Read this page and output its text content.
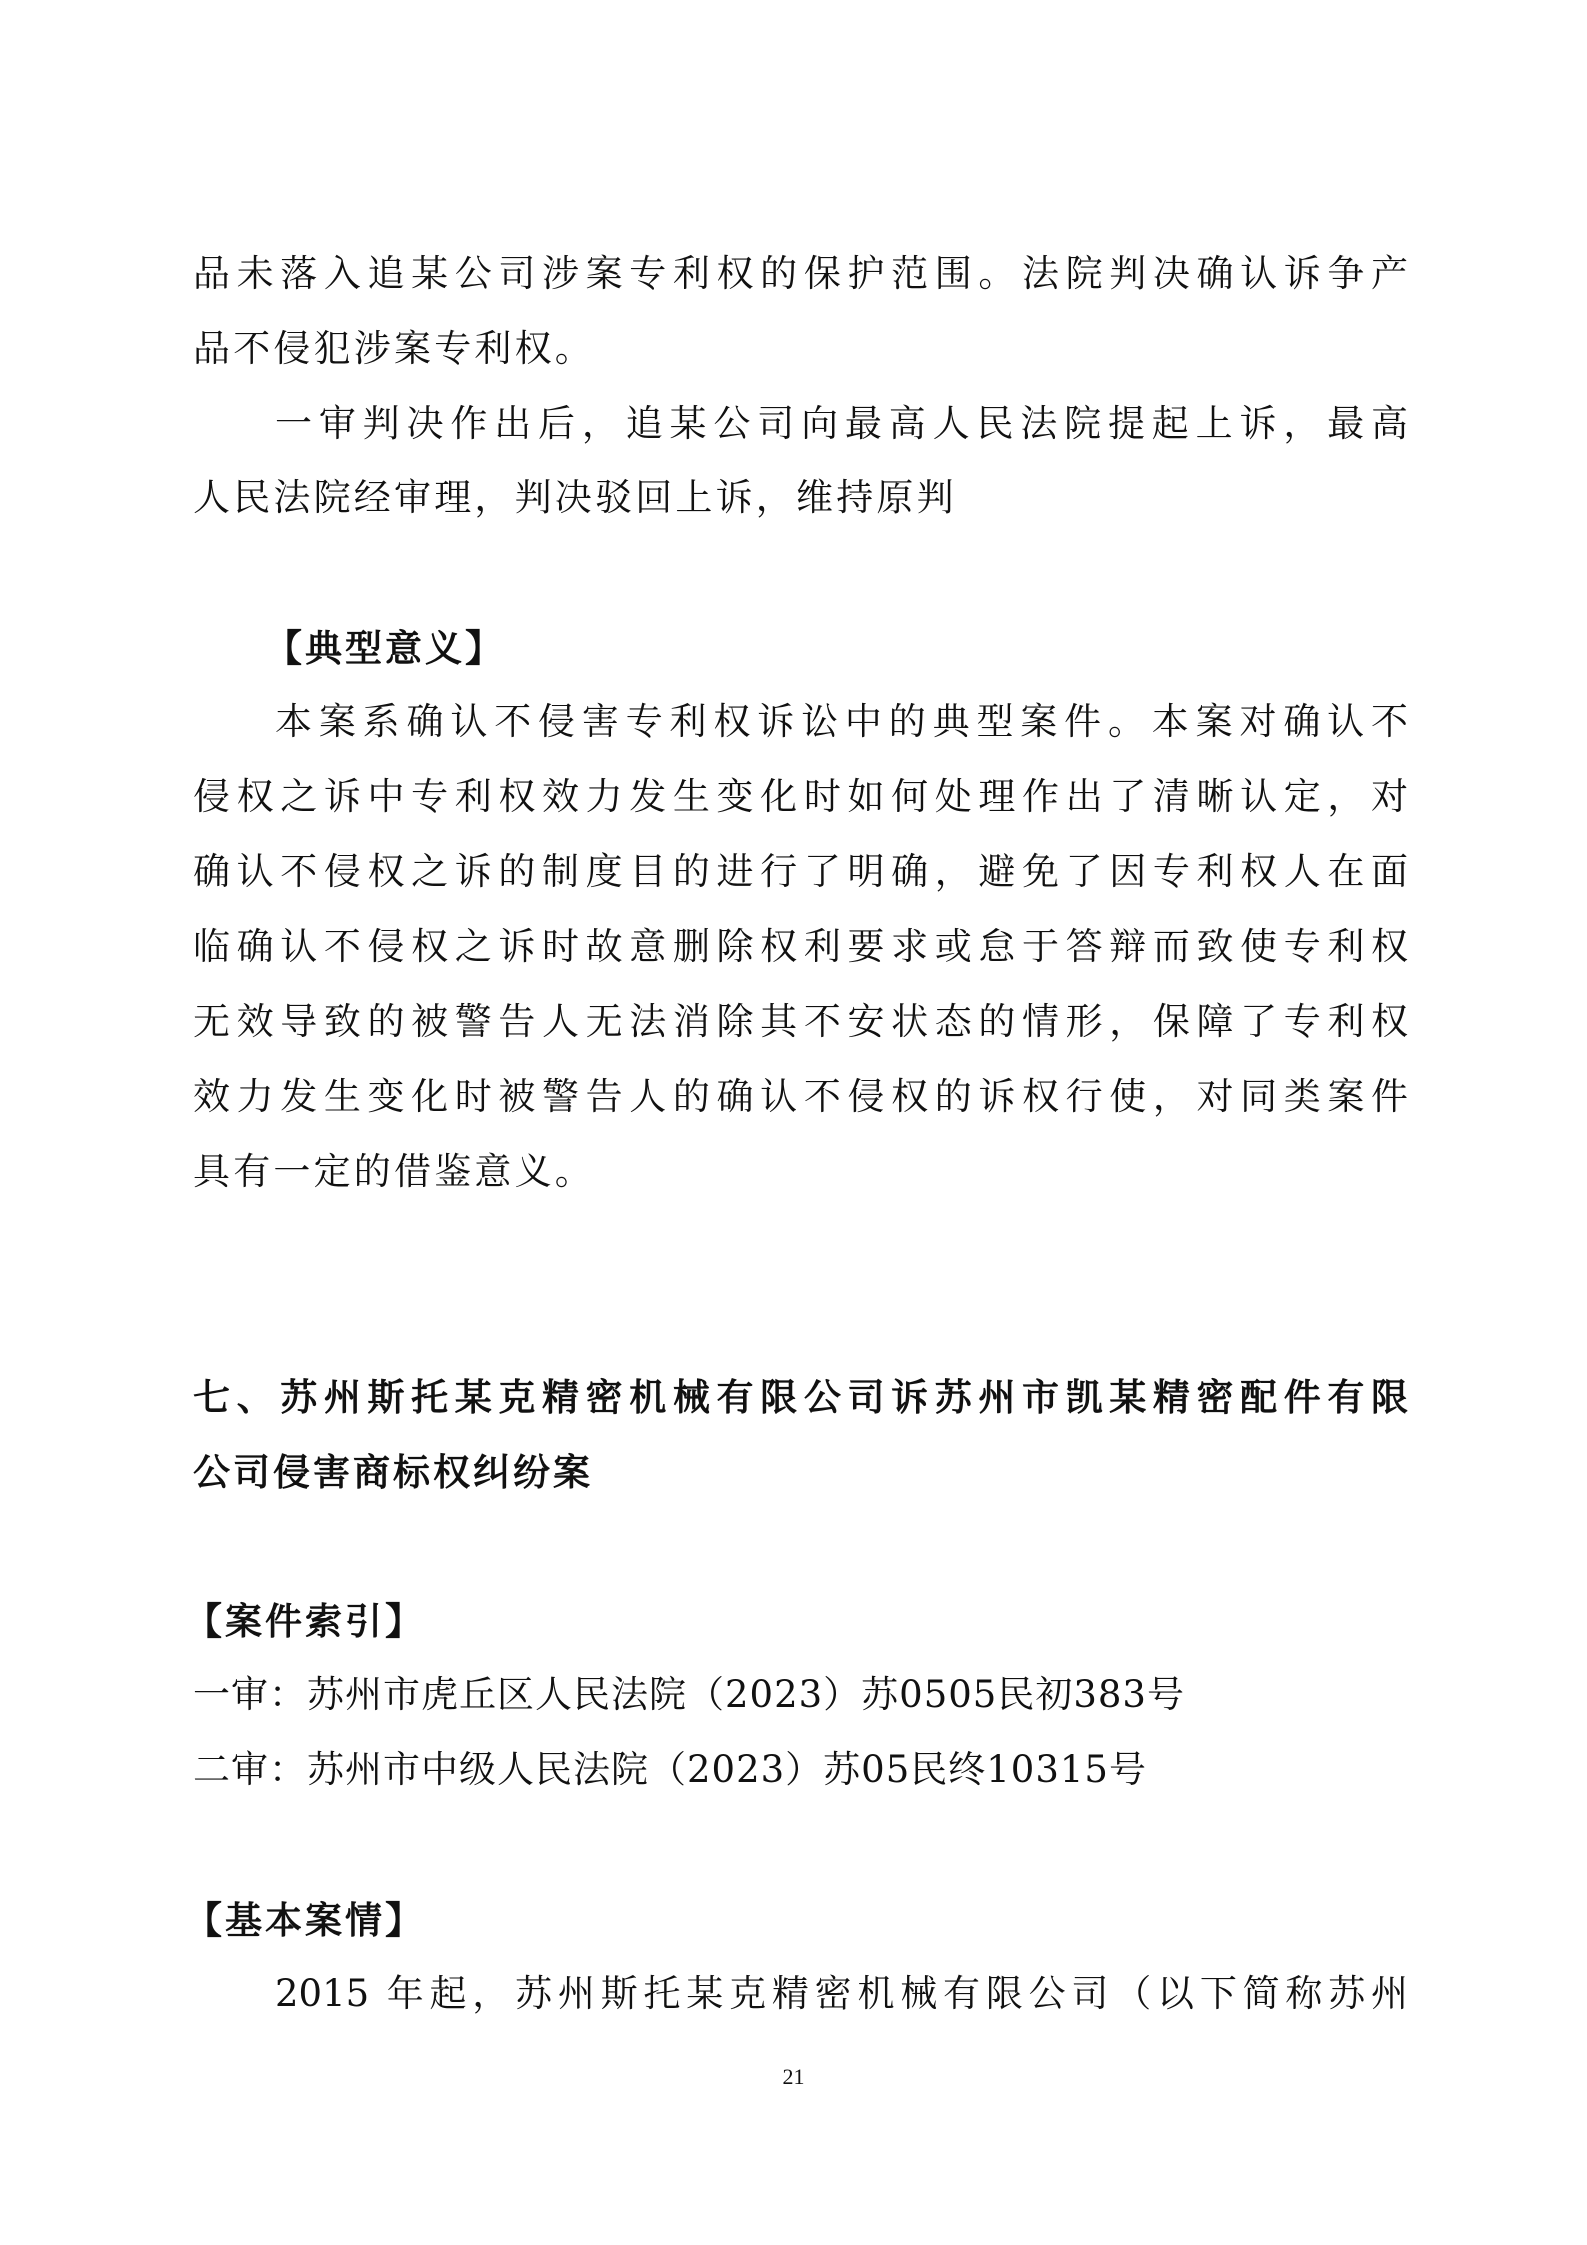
品未落入追某公司涉案专利权的保护范围。法院判决确认诉争产
品不侵犯涉案专利权。
一审判决作出后，追某公司向最高人民法院提起上诉，最高
人民法院经审理，判决驳回上诉，维持原判
【典型意义】
本案系确认不侵害专利权诉讼中的典型案件。本案对确认不
侵权之诉中专利权效力发生变化时如何处理作出了清晰认定，对
确认不侵权之诉的制度目的进行了明确，避免了因专利权人在面
临确认不侵权之诉时故意删除权利要求或怠于答辩而致使专利权
无效导致的被警告人无法消除其不安状态的情形，保障了专利权
效力发生变化时被警告人的确认不侵权的诉权行使，对同类案件
具有一定的借鉴意义。
七、苏州斯托某克精密机械有限公司诉苏州市凯某精密配件有限
公司侵害商标权纠纷案
【案件索引】
一审：苏州市虎丘区人民法院（2023）苏0505民初383号
二审：苏州市中级人民法院（2023）苏05民终10315号
【基本案情】
2015 年起，苏州斯托某克精密机械有限公司（以下简称苏州
21
